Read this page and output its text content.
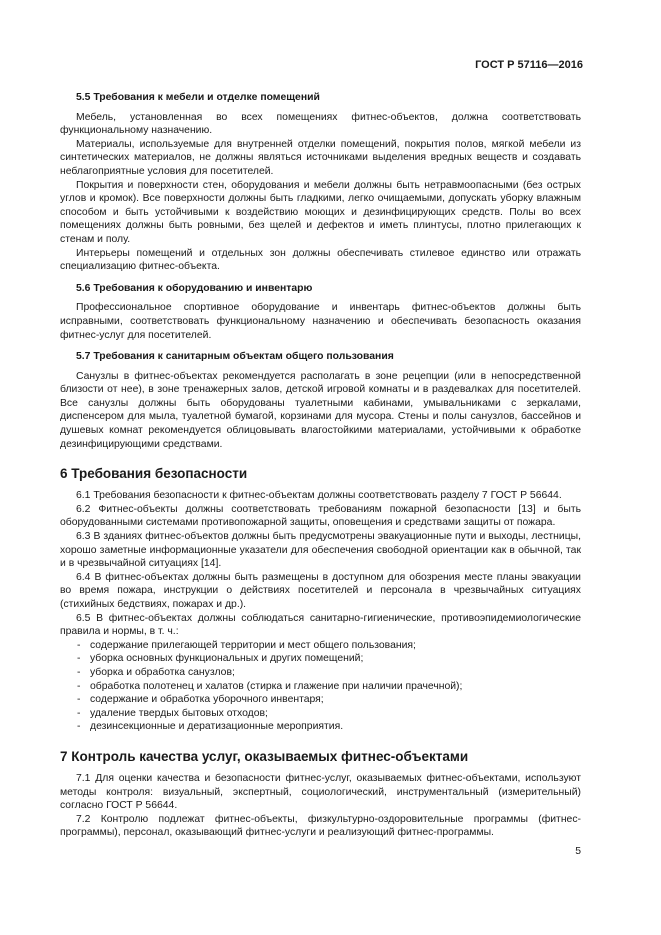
ГОСТ Р 57116—2016
5.5 Требования к мебели и отделке помещений

Мебель, установленная во всех помещениях фитнес-объектов, должна соответствовать функциональному назначению.

Материалы, используемые для внутренней отделки помещений, покрытия полов, мягкой мебели из синтетических материалов, не должны являться источниками выделения вредных веществ и создавать неблагоприятные условия для посетителей.

Покрытия и поверхности стен, оборудования и мебели должны быть нетравмоопасными (без острых углов и кромок). Все поверхности должны быть гладкими, легко очищаемыми, допускать уборку влажным способом и быть устойчивыми к воздействию моющих и дезинфицирующих средств. Полы во всех помещениях должны быть ровными, без щелей и дефектов и иметь плинтусы, плотно прилегающих к стенам и полу.

Интерьеры помещений и отдельных зон должны обеспечивать стилевое единство или отражать специализацию фитнес-объекта.

5.6 Требования к оборудованию и инвентарю

Профессиональное спортивное оборудование и инвентарь фитнес-объектов должны быть исправными, соответствовать функциональному назначению и обеспечивать безопасность оказания фитнес-услуг для посетителей.

5.7 Требования к санитарным объектам общего пользования

Санузлы в фитнес-объектах рекомендуется располагать в зоне рецепции (или в непосредственной близости от нее), в зоне тренажерных залов, детской игровой комнаты и в раздевалках для посетителей. Все санузлы должны быть оборудованы туалетными кабинами, умывальниками с зеркалами, диспенсером для мыла, туалетной бумагой, корзинами для мусора. Стены и полы санузлов, бассейнов и душевых комнат рекомендуется облицовывать влагостойкими материалами, устойчивыми к обработке дезинфицирующими средствами.

6 Требования безопасности

6.1 Требования безопасности к фитнес-объектам должны соответствовать разделу 7 ГОСТ Р 56644.

6.2 Фитнес-объекты должны соответствовать требованиям пожарной безопасности [13] и быть оборудованными системами противопожарной защиты, оповещения и средствами защиты от пожара.

6.3 В зданиях фитнес-объектов должны быть предусмотрены эвакуационные пути и выходы, лестницы, хорошо заметные информационные указатели для обеспечения свободной ориентации как в обычной, так и в чрезвычайной ситуациях [14].

6.4 В фитнес-объектах должны быть размещены в доступном для обозрения месте планы эвакуации во время пожара, инструкции о действиях посетителей и персонала в чрезвычайных ситуациях (стихийных бедствиях, пожарах и др.).

6.5 В фитнес-объектах должны соблюдаться санитарно-гигиенические, противоэпидемиологические правила и нормы, в т. ч.:

- содержание прилегающей территории и мест общего пользования;
- уборка основных функциональных и других помещений;
- уборка и обработка санузлов;
- обработка полотенец и халатов (стирка и глажение при наличии прачечной);
- содержание и обработка уборочного инвентаря;
- удаление твердых бытовых отходов;
- дезинсекционные и дератизационные мероприятия.
7 Контроль качества услуг, оказываемых фитнес-объектами

7.1 Для оценки качества и безопасности фитнес-услуг, оказываемых фитнес-объектами, используют методы контроля: визуальный, экспертный, социологический, инструментальный (измерительный) согласно ГОСТ Р 56644.

7.2 Контролю подлежат фитнес-объекты, физкультурно-оздоровительные программы (фитнес-программы), персонал, оказывающий фитнес-услуги и реализующий фитнес-программы.

5
